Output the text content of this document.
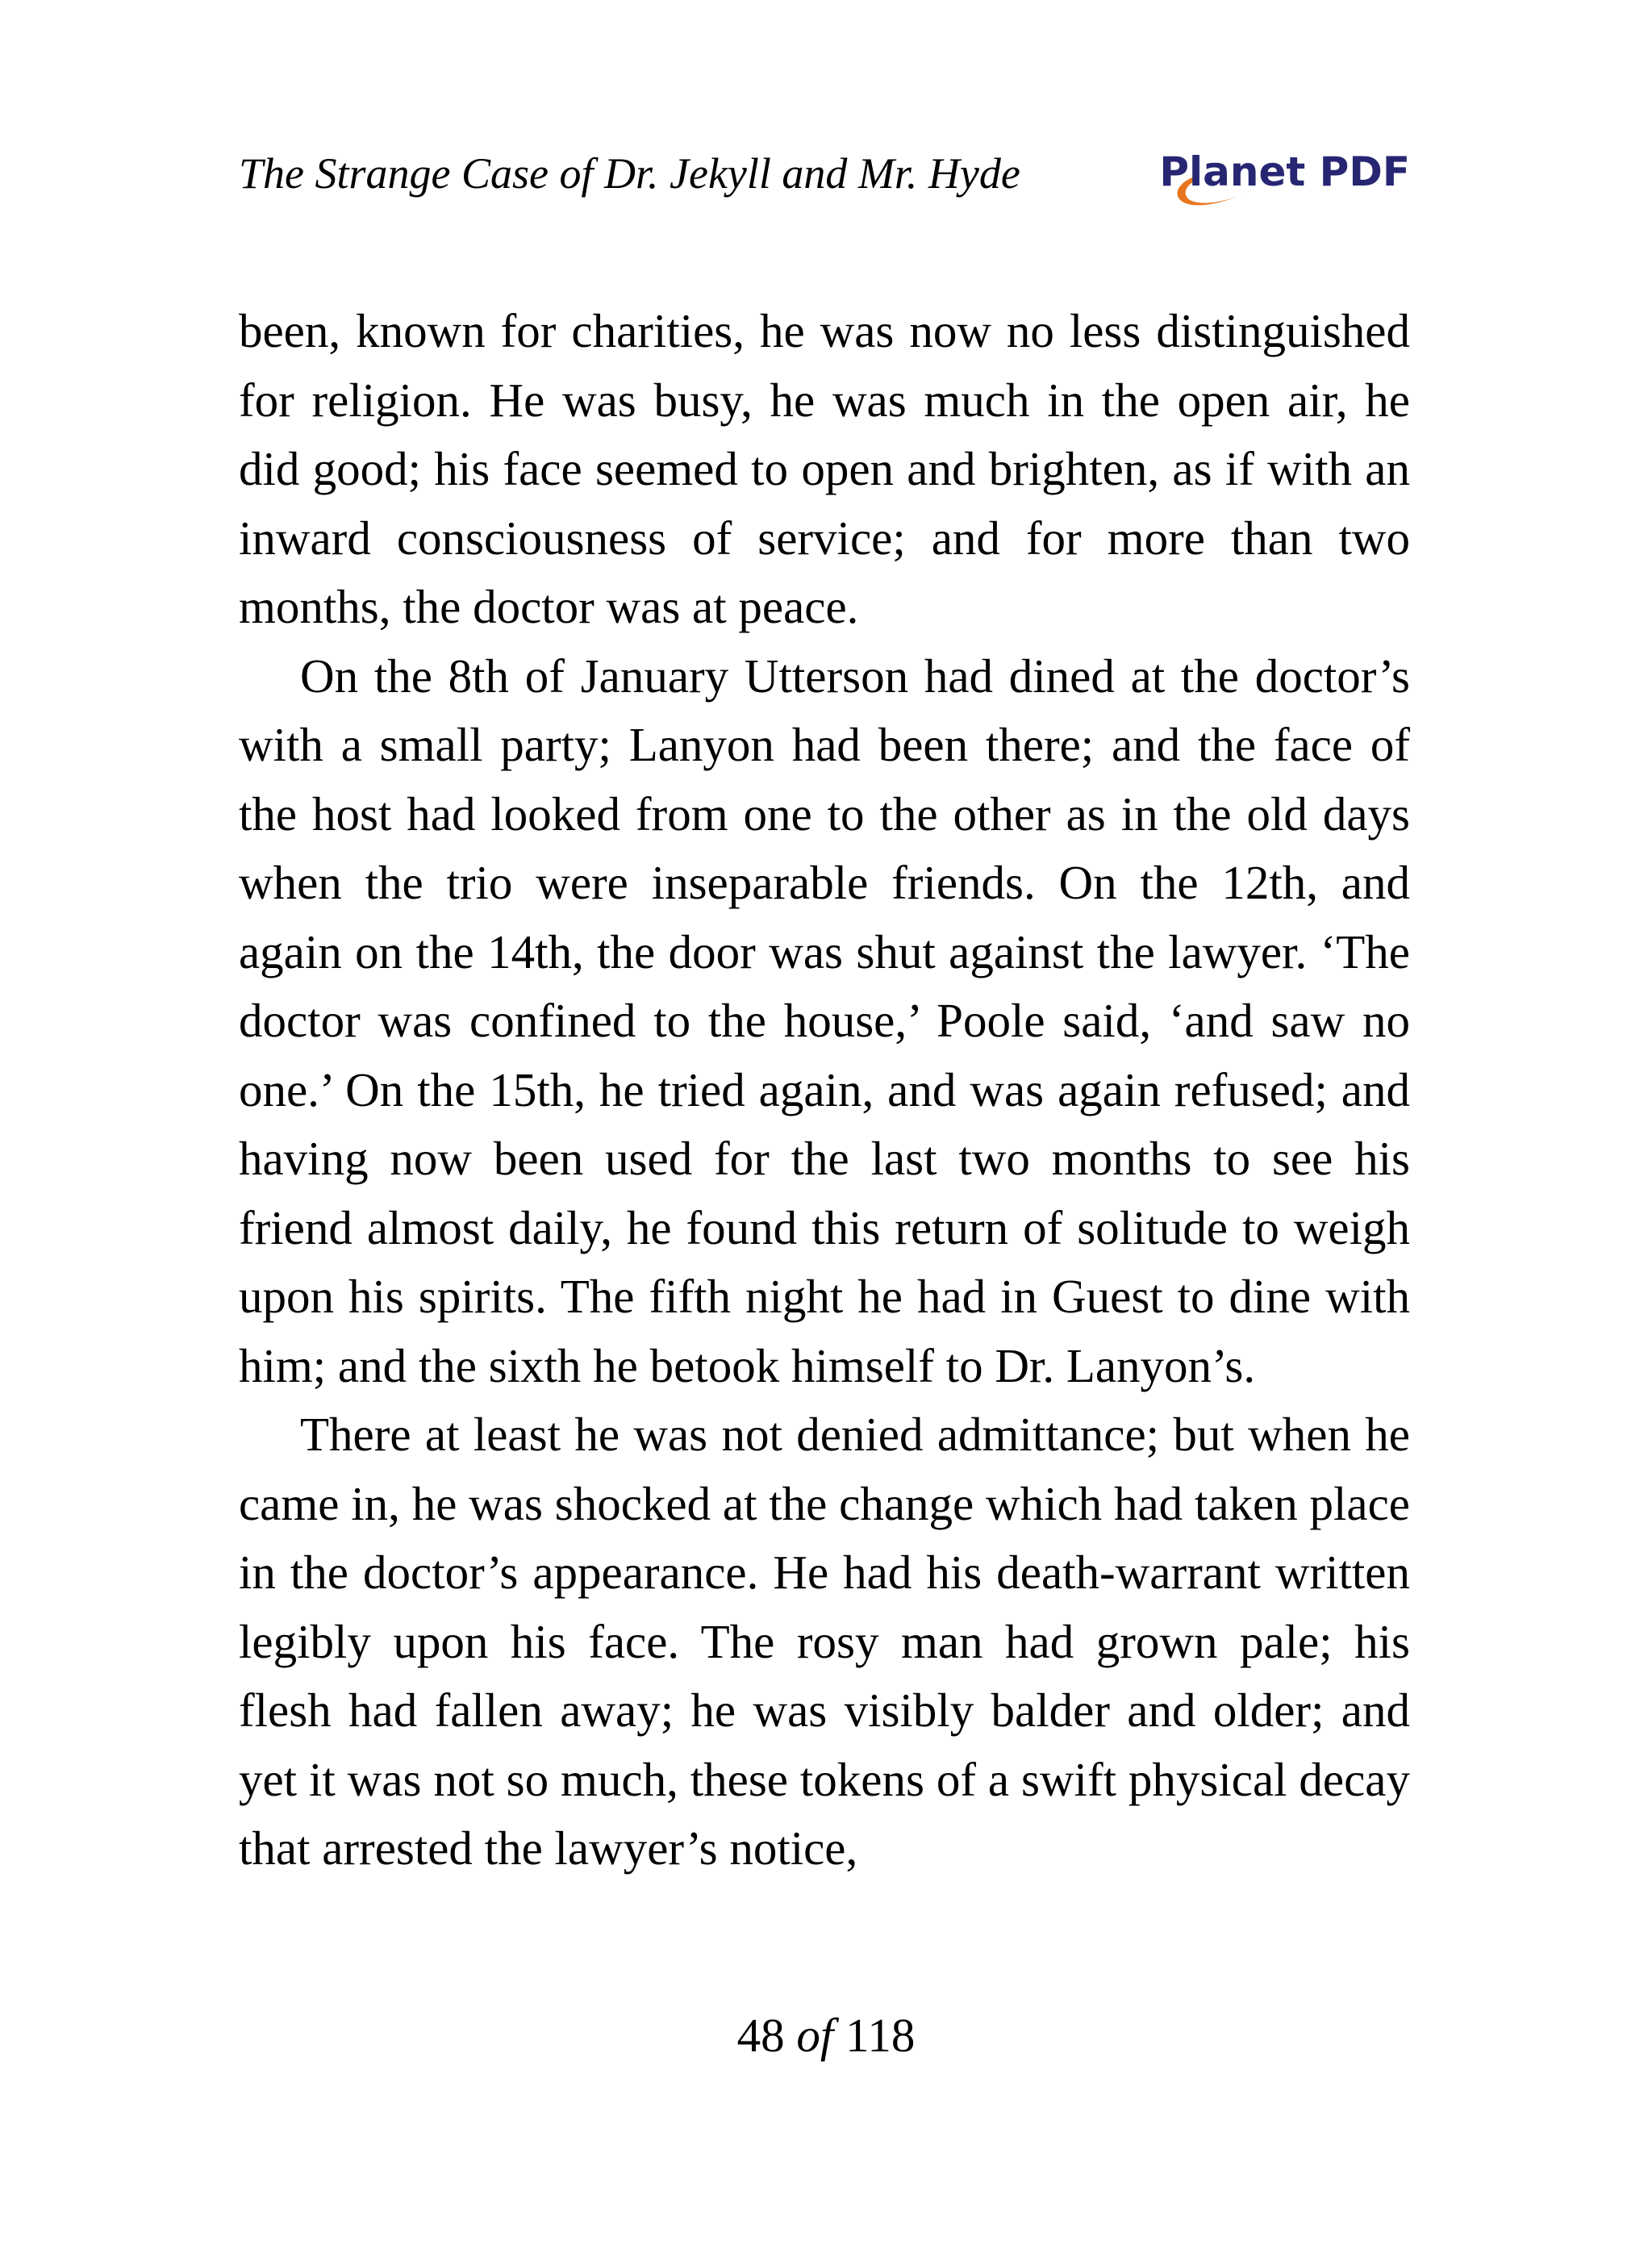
The Strange Case of Dr. Jekyll and Mr. Hyde	Planet PDF

been, known for charities, he was now no less distinguished for religion. He was busy, he was much in the open air, he did good; his face seemed to open and brighten, as if with an inward consciousness of service; and for more than two months, the doctor was at peace.

On the 8th of January Utterson had dined at the doctor’s with a small party; Lanyon had been there; and the face of the host had looked from one to the other as in the old days when the trio were inseparable friends. On the 12th, and again on the 14th, the door was shut against the lawyer. ‘The doctor was confined to the house,’ Poole said, ‘and saw no one.’ On the 15th, he tried again, and was again refused; and having now been used for the last two months to see his friend almost daily, he found this return of solitude to weigh upon his spirits. The fifth night he had in Guest to dine with him; and the sixth he betook himself to Dr. Lanyon’s.

There at least he was not denied admittance; but when he came in, he was shocked at the change which had taken place in the doctor’s appearance. He had his death-warrant written legibly upon his face. The rosy man had grown pale; his flesh had fallen away; he was visibly balder and older; and yet it was not so much, these tokens of a swift physical decay that arrested the lawyer’s notice,

48 of 118
